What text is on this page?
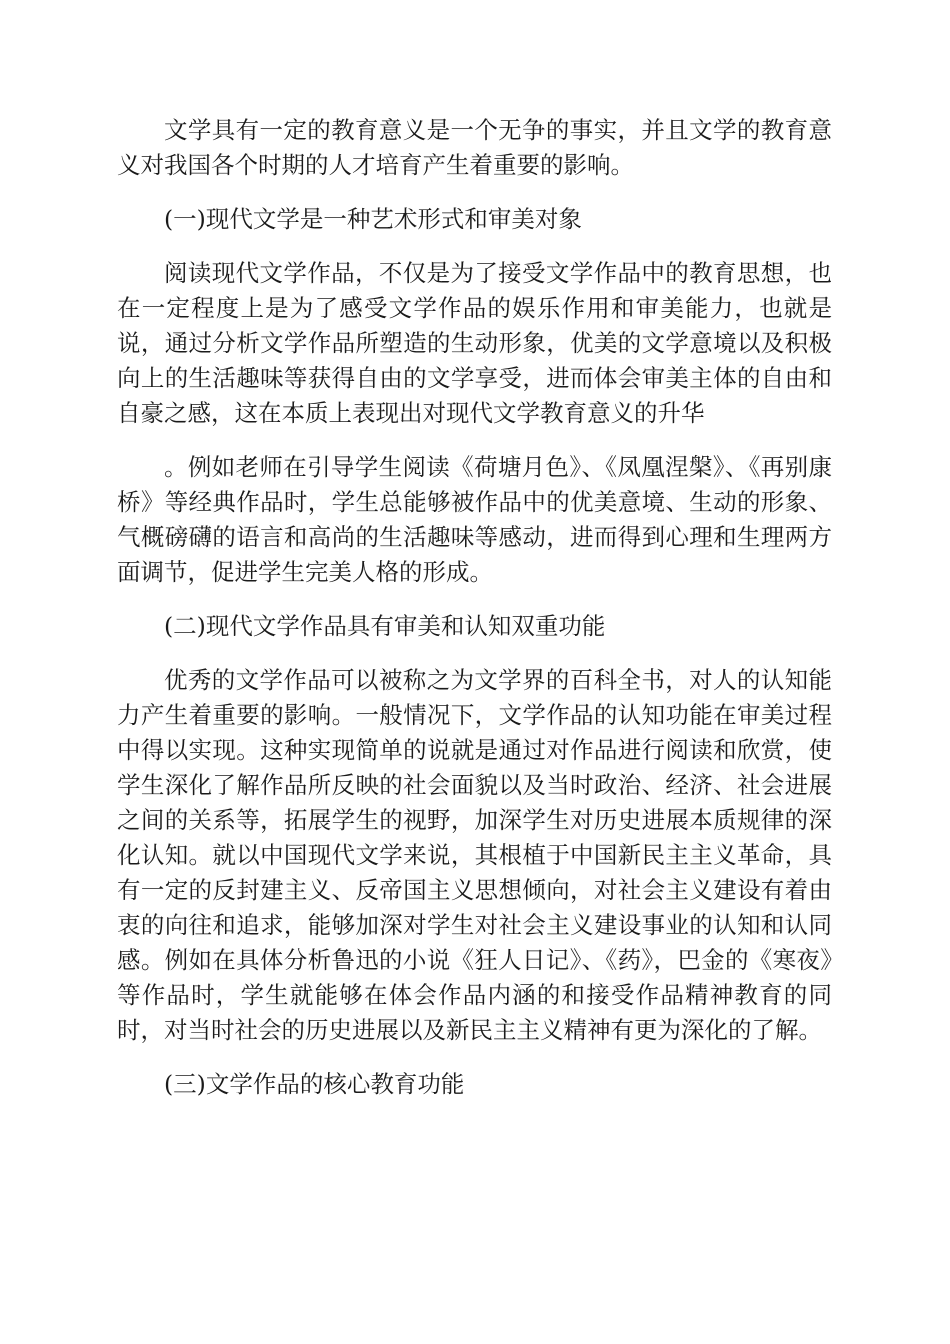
文学具有一定的教育意义是一个无争的事实，并且文学的教育意义对我国各个时期的人才培育产生着重要的影响。

(一)现代文学是一种艺术形式和审美对象

阅读现代文学作品，不仅是为了接受文学作品中的教育思想，也在一定程度上是为了感受文学作品的娱乐作用和审美能力，也就是说，通过分析文学作品所塑造的生动形象，优美的文学意境以及积极向上的生活趣味等获得自由的文学享受，进而体会审美主体的自由和自豪之感，这在本质上表现出对现代文学教育意义的升华

。例如老师在引导学生阅读《荷塘月色》、《凤凰涅槃》、《再别康桥》等经典作品时，学生总能够被作品中的优美意境、生动的形象、气概磅礴的语言和高尚的生活趣味等感动，进而得到心理和生理两方面调节，促进学生完美人格的形成。

(二)现代文学作品具有审美和认知双重功能

优秀的文学作品可以被称之为文学界的百科全书，对人的认知能力产生着重要的影响。一般情况下，文学作品的认知功能在审美过程中得以实现。这种实现简单的说就是通过对作品进行阅读和欣赏，使学生深化了解作品所反映的社会面貌以及当时政治、经济、社会进展之间的关系等，拓展学生的视野，加深学生对历史进展本质规律的深化认知。就以中国现代文学来说，其根植于中国新民主主义革命，具有一定的反封建主义、反帝国主义思想倾向，对社会主义建设有着由衷的向往和追求，能够加深对学生对社会主义建设事业的认知和认同感。例如在具体分析鲁迅的小说《狂人日记》、《药》，巴金的《寒夜》等作品时，学生就能够在体会作品内涵的和接受作品精神教育的同时，对当时社会的历史进展以及新民主主义精神有更为深化的了解。

(三)文学作品的核心教育功能
